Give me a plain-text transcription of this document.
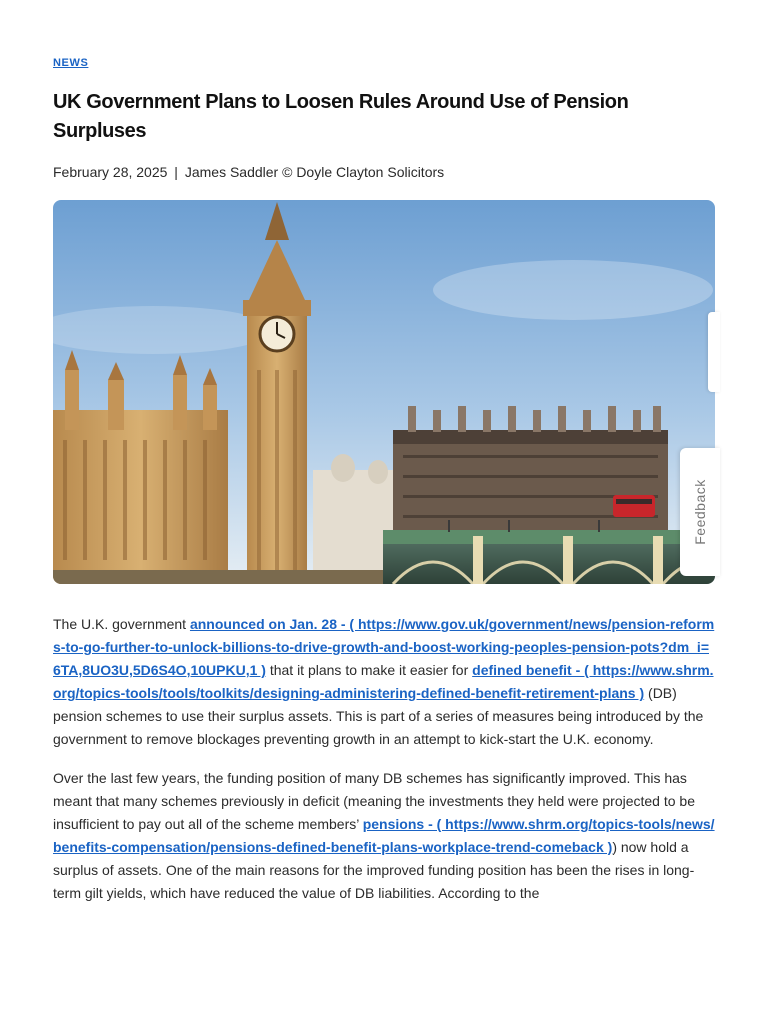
NEWS
UK Government Plans to Loosen Rules Around Use of Pension Surpluses
February 28, 2025 | James Saddler © Doyle Clayton Solicitors

The U.K. government announced on Jan. 28 - ( https://www.gov.uk/government/news/pension-reforms-to-go-further-to-unlock-billions-to-drive-growth-and-boost-working-peoples-pension-pots?dm_i=6TA,8UO3U,5D6S4O,10UPKU,1 ) that it plans to make it easier for defined benefit - ( https://www.shrm.org/topics-tools/tools/toolkits/designing-administering-defined-benefit-retirement-plans ) (DB) pension schemes to use their surplus assets. This is part of a series of measures being introduced by the government to remove blockages preventing growth in an attempt to kick-start the U.K. economy.

Over the last few years, the funding position of many DB schemes has significantly improved. This has meant that many schemes previously in deficit (meaning the investments they held were projected to be insufficient to pay out all of the scheme members’ pensions - ( https://www.shrm.org/topics-tools/news/benefits-compensation/pensions-defined-benefit-plans-workplace-trend-comeback )) now hold a surplus of assets. One of the main reasons for the improved funding position has been the rises in long-term gilt yields, which have reduced the value of DB liabilities. According to the

Feedback
